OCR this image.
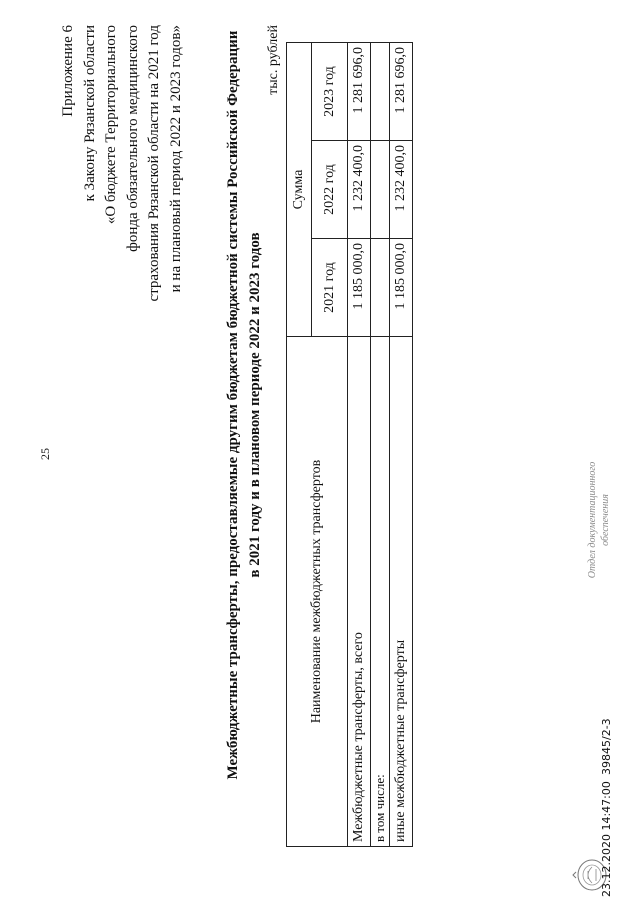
25
Приложение 6 к Закону Рязанской области «О бюджете Территориального фонда обязательного медицинского страхования Рязанской области на 2021 год и на плановый период 2022 и 2023 годов»	Межбюджетные трансферты, предоставляемые другим бюджетам бюджетной системы Российской Федерации в 2021 году и в плановом периоде 2022 и 2023 годов
тыс. рублей
Наименование межбюджетных трансфертов	Сумма		
	2021 год	2022 год	2023 год
Межбюджетные трансферты, всего	1 185 000,0	1 232 400,0	1 281 696,0
в том числе:			
иные межбюджетные трансферты	1 185 000,0	1 232 400,0	1 281 696,0
23.12.2020 14:47:00
39845/2-3
Отдел документационного обеспечения
